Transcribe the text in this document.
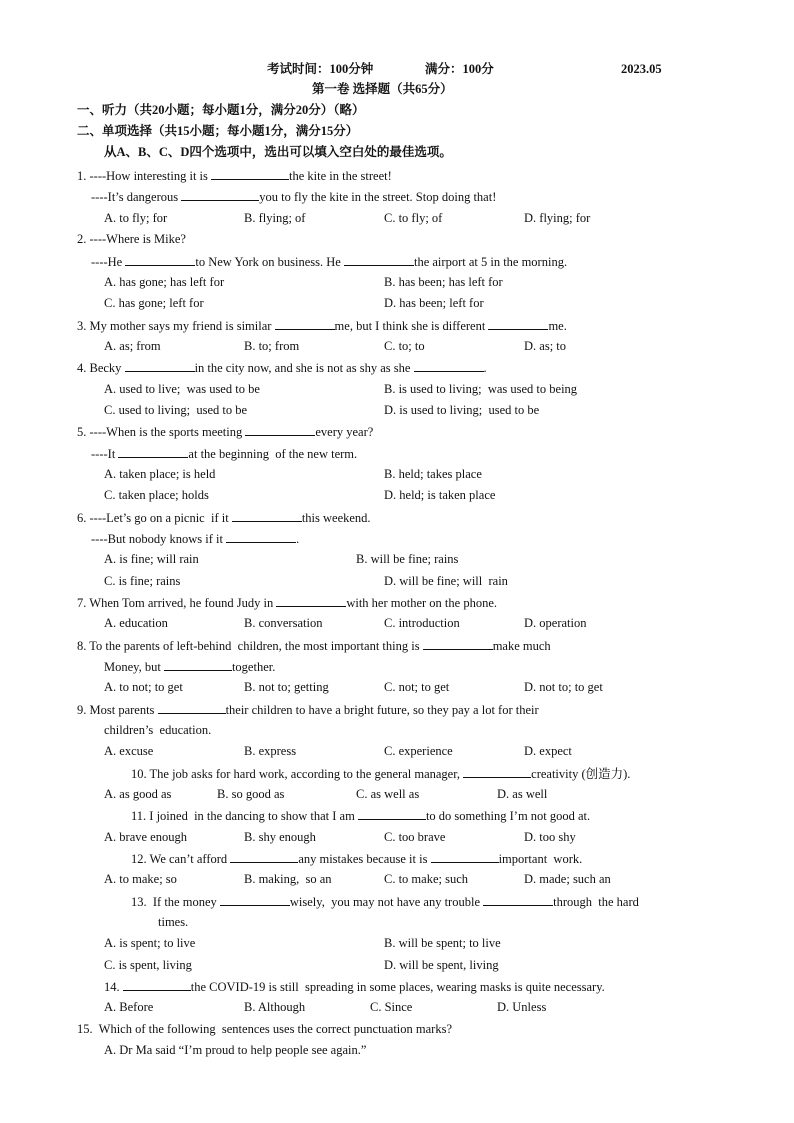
考试时间：100分钟	满分：100分	2023.05
第一卷 选择题（共65分）
一、听力（共20小题；每小题1分，满分20分）（略）
二、单项选择（共15小题；每小题1分，满分15分）
从A、B、C、D四个选项中，选出可以填入空白处的最佳选项。
1. ----How interesting it is	the kite in the street!
----It’s dangerous	you to fly the kite in the street. Stop doing that!
A. to fly; for	B. flying; of	C. to fly; of	D. flying; for
2. ----Where is Mike?
----He	to New York on business. He	the airport at 5 in the morning.
A. has gone; has left for	B. has been; has left for
C. has gone; left for	D. has been; left for
3. My mother says my friend is similar	me, but I think she is different	me.
A. as; from	B. to; from	C. to; to	D. as; to
4. Becky	in the city now, and she is not as shy as she	.
A. used to live;  was used to be	B. is used to living;  was used to being
C. used to living;  used to be	D. is used to living;  used to be
5. ----When is the sports meeting	every year?
----It	at the beginning  of the new term.
A. taken place; is held	B. held; takes place
C. taken place; holds	D. held; is taken place
6. ----Let’s go on a picnic  if it	this weekend.
----But nobody knows if it	.
A. is fine; will rain	B. will be fine; rains
C. is fine; rains	D. will be fine; will  rain
7. When Tom arrived, he found Judy in	with her mother on the phone.
A. education	B. conversation	C. introduction	D. operation
8. To the parents of left-behind  children, the most important thing is	make much
Money, but	together.
A. to not; to get	B. not to; getting	C. not; to get	D. not to; to get
9. Most parents	their children to have a bright future, so they pay a lot for their
children’s  education.
A. excuse	B. express	C. experience	D. expect
10. The job asks for hard work, according to the general manager,	creativity (创造力).
A. as good as	B. so good as	C. as well as	D. as well
11. I joined  in the dancing to show that I am	to do something I’m not good at.
A. brave enough	B. shy enough	C. too brave	D. too shy
12. We can’t afford	any mistakes because it is	important  work.
A. to make; so	B. making,  so an	C. to make; such	D. made; such an
13.  If the money	wisely,  you may not have any trouble	through  the hard
times.
A. is spent; to live	B. will be spent; to live
C. is spent, living	D. will be spent, living
14.	the COVID-19 is still  spreading in some places, wearing masks is quite necessary.
A. Before	B. Although	C. Since	D. Unless
15.  Which of the following  sentences uses the correct punctuation marks?
A. Dr Ma said “I’m proud to help people see again.”
